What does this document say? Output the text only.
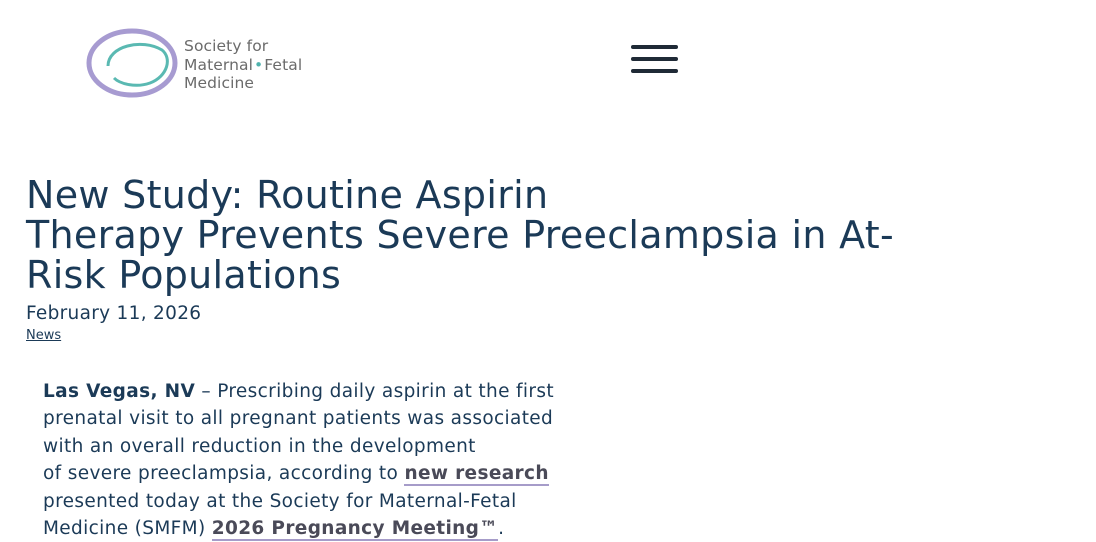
Society for
Maternal•Fetal
Medicine
New Study: Routine Aspirin
Therapy Prevents Severe Preeclampsia in At-
Risk Populations
February 11, 2026
News
Las Vegas, NV – Prescribing daily aspirin at the first
prenatal visit to all pregnant patients was associated
with an overall reduction in the development
of severe preeclampsia, according to new research
presented today at the Society for Maternal-Fetal
Medicine (SMFM) 2026 Pregnancy Meeting™.
